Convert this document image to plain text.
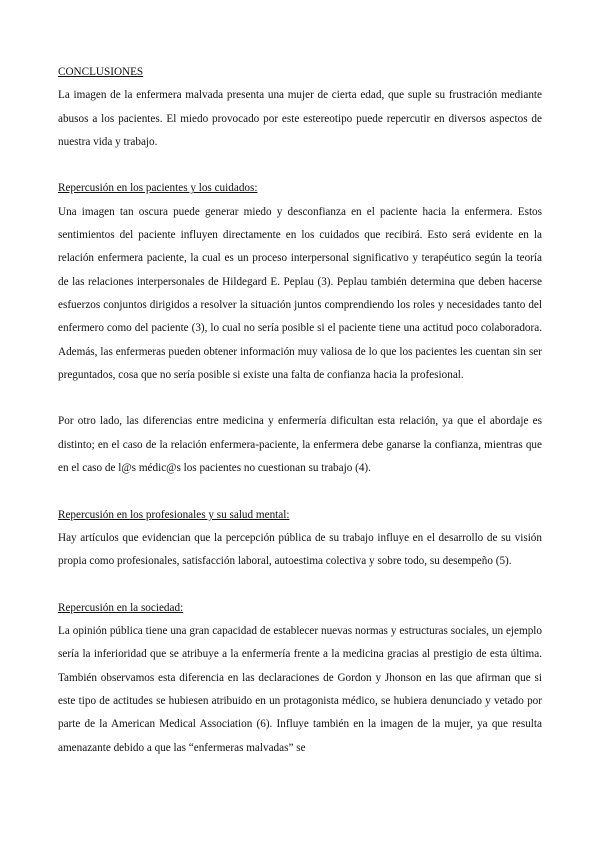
CONCLUSIONES

La imagen de la enfermera malvada presenta una mujer de cierta edad, que suple su frustración mediante abusos a los pacientes. El miedo provocado por este estereotipo puede repercutir en diversos aspectos de nuestra vida y trabajo.

Repercusión en los pacientes y los cuidados:

Una imagen tan oscura puede generar miedo y desconfianza en el paciente hacia la enfermera. Estos sentimientos del paciente influyen directamente en los cuidados que recibirá. Esto será evidente en la relación enfermera paciente, la cual es un proceso interpersonal significativo y terapéutico según la teoría de las relaciones interpersonales de Hildegard E. Peplau (3). Peplau también determina que deben hacerse esfuerzos conjuntos dirigidos a resolver la situación juntos comprendiendo los roles y necesidades tanto del enfermero como del paciente (3), lo cual no sería posible si el paciente tiene una actitud poco colaboradora. Además, las enfermeras pueden obtener información muy valiosa de lo que los pacientes les cuentan sin ser preguntados, cosa que no sería posible si existe una falta de confianza hacia la profesional.

Por otro lado, las diferencias entre medicina y enfermería dificultan esta relación, ya que el abordaje es distinto; en el caso de la relación enfermera-paciente, la enfermera debe ganarse la confianza, mientras que en el caso de l@s médic@s los pacientes no cuestionan su trabajo (4).

Repercusión en los profesionales y su salud mental:

Hay artículos que evidencian que la percepción pública de su trabajo influye en el desarrollo de su visión propia como profesionales, satisfacción laboral, autoestima colectiva y sobre todo, su desempeño (5).

Repercusión en la sociedad:

La opinión pública tiene una gran capacidad de establecer nuevas normas y estructuras sociales, un ejemplo sería la inferioridad que se atribuye a la enfermería frente a la medicina gracias al prestigio de esta última. También observamos esta diferencia en las declaraciones de Gordon y Jhonson en las que afirman que si este tipo de actitudes se hubiesen atribuido en un protagonista médico, se hubiera denunciado y vetado por parte de la American Medical Association (6). Influye también en la imagen de la mujer, ya que resulta amenazante debido a que las “enfermeras malvadas” se
